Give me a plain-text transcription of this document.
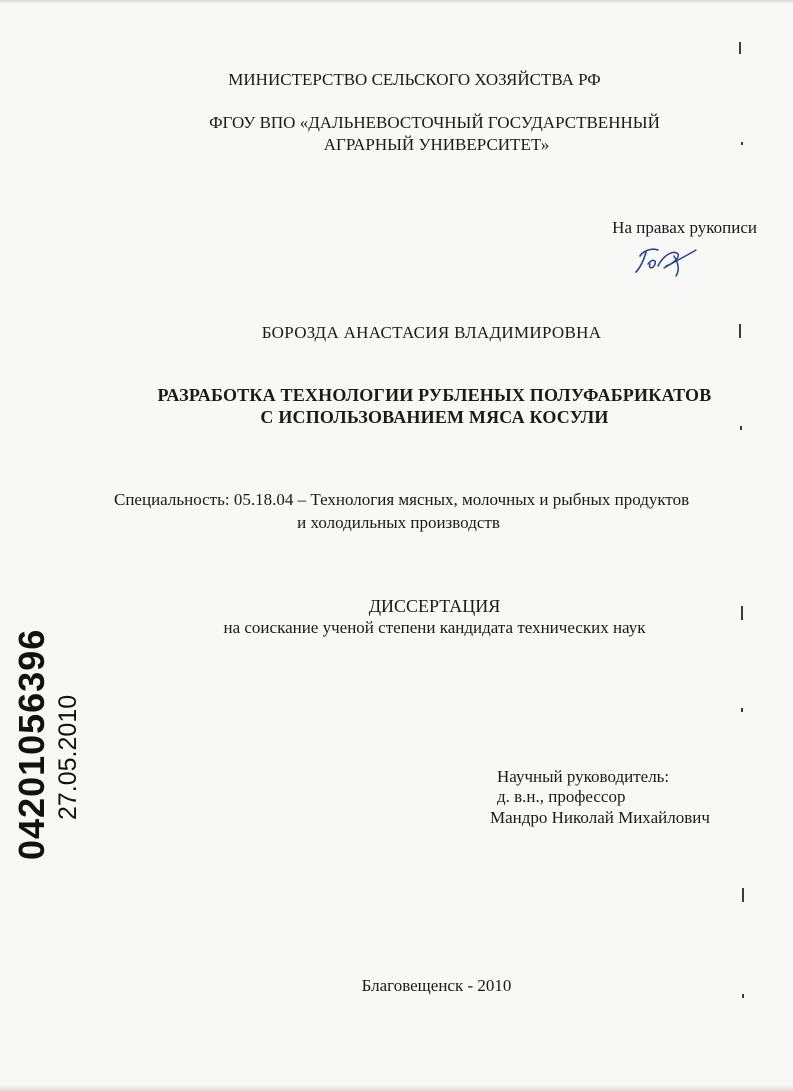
МИНИСТЕРСТВО СЕЛЬСКОГО ХОЗЯЙСТВА РФ
ФГОУ ВПО «ДАЛЬНЕВОСТОЧНЫЙ ГОСУДАРСТВЕННЫЙ
АГРАРНЫЙ УНИВЕРСИТЕТ»
На правах рукописи
БОРОЗДА АНАСТАСИЯ ВЛАДИМИРОВНА
РАЗРАБОТКА ТЕХНОЛОГИИ РУБЛЕНЫХ ПОЛУФАБРИКАТОВ
С ИСПОЛЬЗОВАНИЕМ МЯСА КОСУЛИ
Специальность: 05.18.04 – Технология мясных, молочных и рыбных продуктов
и холодильных производств
ДИССЕРТАЦИЯ
на соискание ученой степени кандидата технических наук
Научный руководитель:
д. в.н., профессор
Мандро Николай Михайлович
Благовещенск - 2010
04201056396 27.05.2010
